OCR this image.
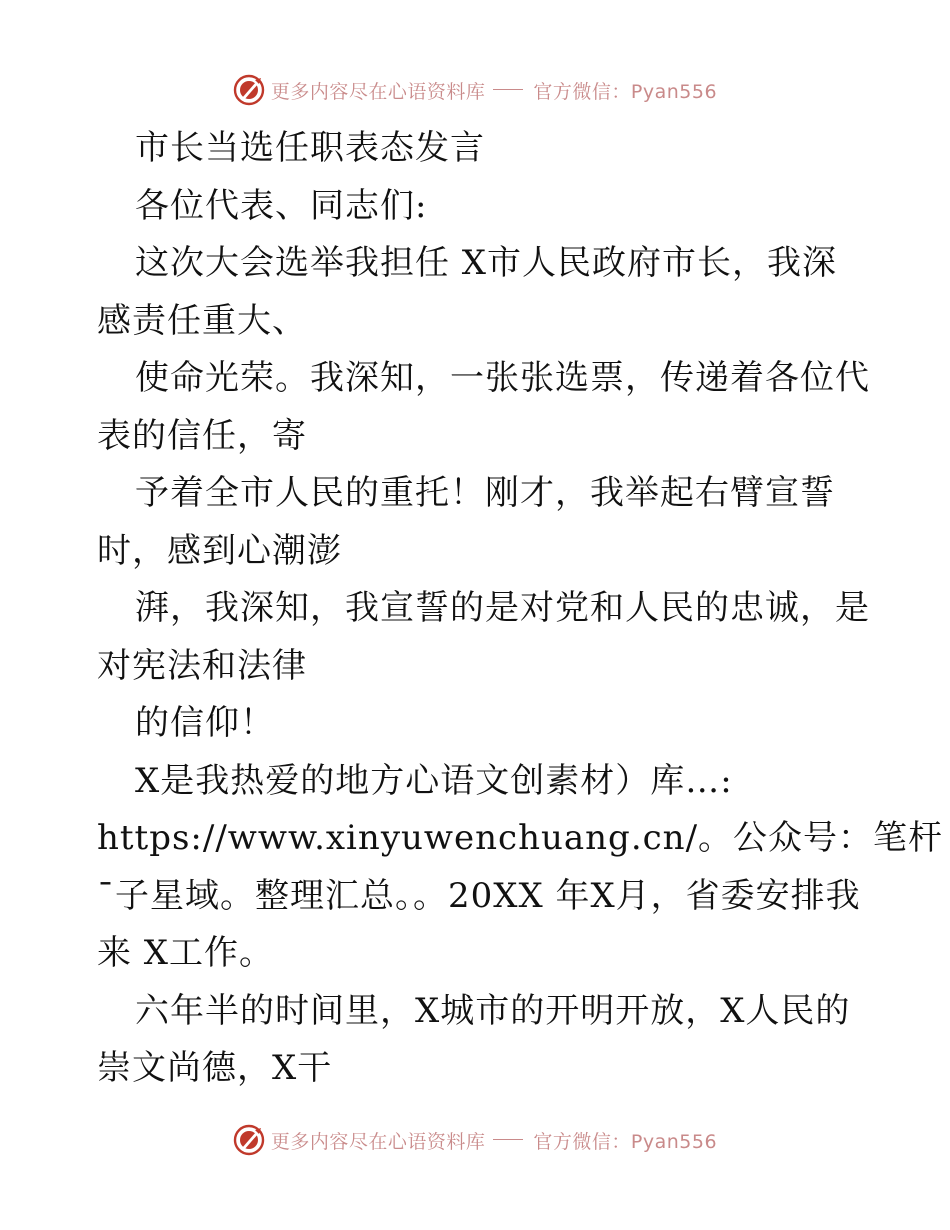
更多内容尽在心语资料库	官方微信：Pyan556
市长当选任职表态发言
各位代表、同志们:
这次大会选举我担任 X市人民政府市长，我深
感责任重大、
使命光荣。我深知，一张张选票，传递着各位代
表的信任，寄
予着全市人民的重托！刚才，我举起右臂宣誓
时，感到心潮澎
湃，我深知，我宣誓的是对党和人民的忠诚，是
对宪法和法律
的信仰！
X是我热爱的地方心语文创素材）库…:
https://www.xinyuwenchuang.cn/。公众号：笔杆
¯子星域。整理汇总。。20XX 年X月，省委安排我
来 X工作。
六年半的时间里，X城市的开明开放，X人民的
崇文尚德，X干
更多内容尽在心语资料库	官方微信：Pyan556
